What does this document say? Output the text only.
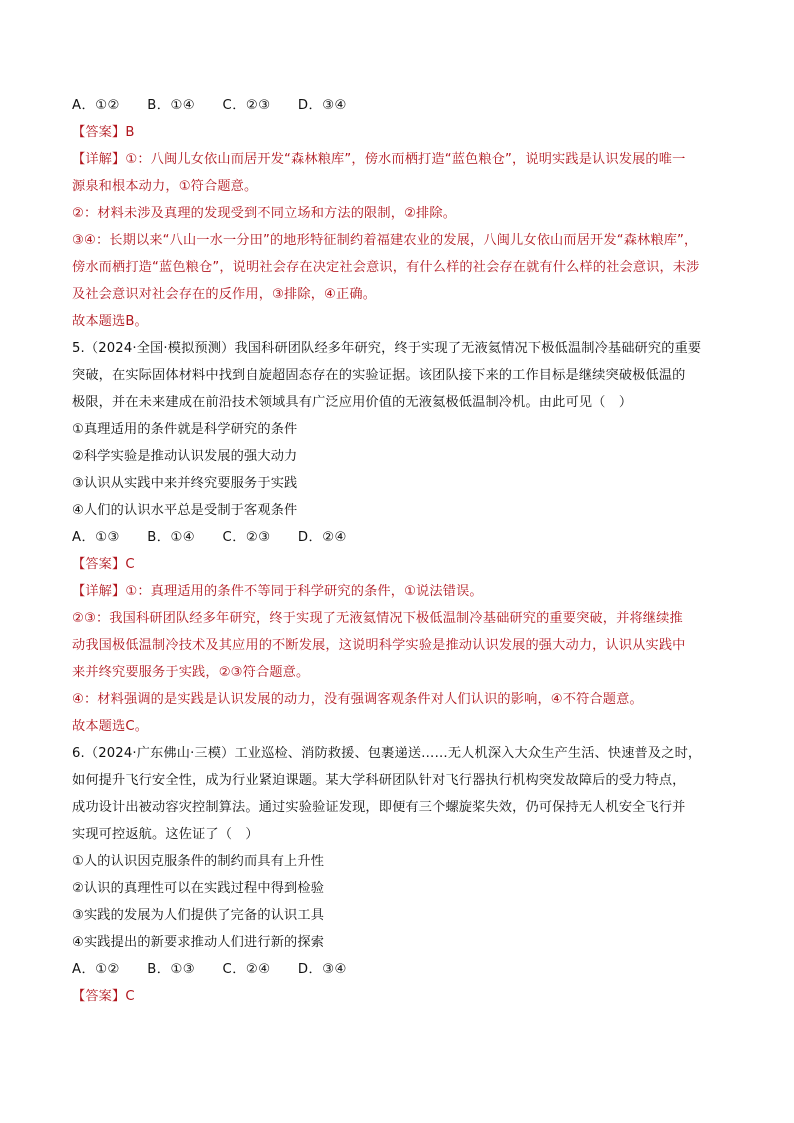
A．①②　　B．①④　　C．②③　　D．③④
【答案】B
【详解】①：八闽儿女依山而居开发“森林粮库”，傍水而栖打造“蓝色粮仓”，说明实践是认识发展的唯一
源泉和根本动力，①符合题意。
②：材料未涉及真理的发现受到不同立场和方法的限制，②排除。
③④：长期以来“八山一水一分田”的地形特征制约着福建农业的发展，八闽儿女依山而居开发“森林粮库”，
傍水而栖打造“蓝色粮仓”，说明社会存在决定社会意识，有什么样的社会存在就有什么样的社会意识，未涉
及社会意识对社会存在的反作用，③排除，④正确。
故本题选B。
5.（2024·全国·模拟预测）我国科研团队经多年研究，终于实现了无液氦情况下极低温制冷基础研究的重要
突破，在实际固体材料中找到自旋超固态存在的实验证据。该团队接下来的工作目标是继续突破极低温的
极限，并在未来建成在前沿技术领域具有广泛应用价值的无液氦极低温制冷机。由此可见（　）
①真理适用的条件就是科学研究的条件
②科学实验是推动认识发展的强大动力
③认识从实践中来并终究要服务于实践
④人们的认识水平总是受制于客观条件
A．①③　　B．①④　　C．②③　　D．②④
【答案】C
【详解】①：真理适用的条件不等同于科学研究的条件，①说法错误。
②③：我国科研团队经多年研究，终于实现了无液氦情况下极低温制冷基础研究的重要突破，并将继续推
动我国极低温制冷技术及其应用的不断发展，这说明科学实验是推动认识发展的强大动力，认识从实践中
来并终究要服务于实践，②③符合题意。
④：材料强调的是实践是认识发展的动力，没有强调客观条件对人们认识的影响，④不符合题意。
故本题选C。
6.（2024·广东佛山·三模）工业巡检、消防救援、包裹递送……无人机深入大众生产生活、快速普及之时，
如何提升飞行安全性，成为行业紧迫课题。某大学科研团队针对飞行器执行机构突发故障后的受力特点，
成功设计出被动容灾控制算法。通过实验验证发现，即便有三个螺旋桨失效，仍可保持无人机安全飞行并
实现可控返航。这佐证了（　）
①人的认识因克服条件的制约而具有上升性
②认识的真理性可以在实践过程中得到检验
③实践的发展为人们提供了完备的认识工具
④实践提出的新要求推动人们进行新的探索
A．①②　　B．①③　　C．②④　　D．③④
【答案】C
